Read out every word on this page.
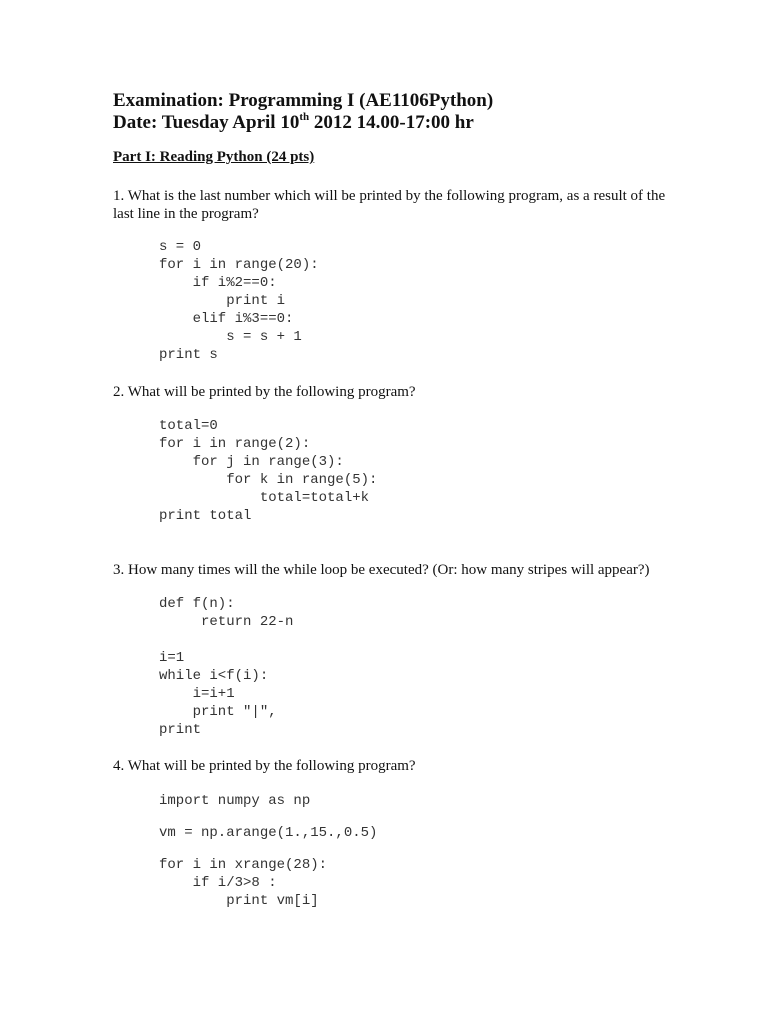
Examination: Programming I (AE1106Python)
Date: Tuesday April 10th 2012 14.00-17:00 hr
Part I: Reading Python (24 pts)
1. What is the last number which will be printed by the following program, as a result of the last line in the program?
s = 0
for i in range(20):
if i%2==0:
print i
elif i%3==0:
s = s + 1
print s
2. What will be printed by the following program?
total=0
for i in range(2):
for j in range(3):
for k in range(5):
total=total+k
print total
3. How many times will the while loop be executed? (Or: how many stripes will appear?)
def f(n):
return 22-n
i=1
while i<f(i):
i=i+1
print "|",
print
4. What will be printed by the following program?
import numpy as np
vm = np.arange(1.,15.,0.5)
for i in xrange(28):
if i/3>8 :
print vm[i]
